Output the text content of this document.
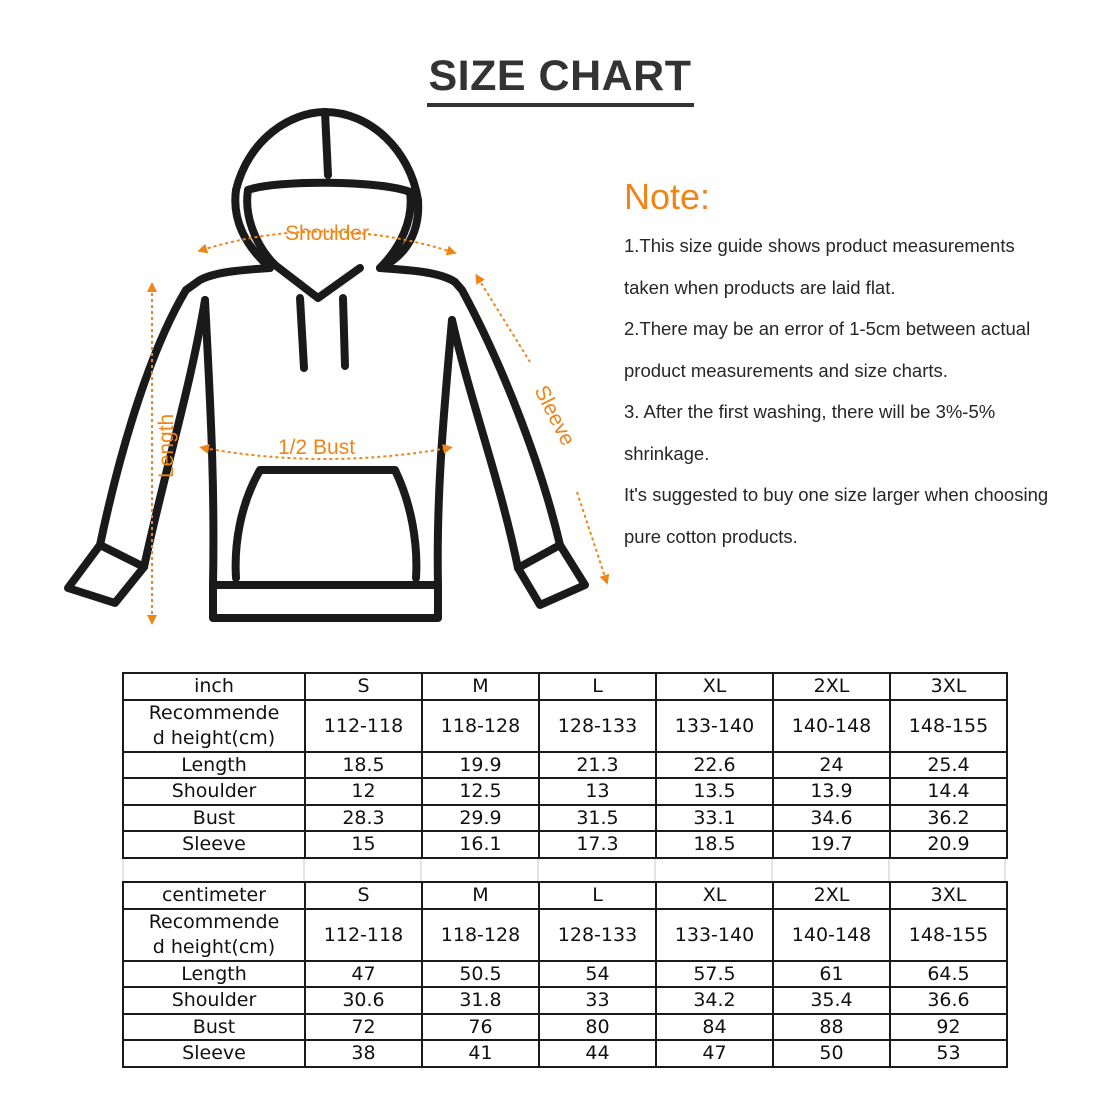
SIZE CHART
Shoulder
1/2 Bust
Length	Sleeve
Note:
1.This size guide shows product measurements
taken when products are laid flat.
2.There may be an error of 1-5cm between actual
product measurements and size charts.
3. After the first washing, there will be 3%-5%
shrinkage.
It's suggested to buy one size larger when choosing
pure cotton products.
inch	S	M	L	XL	2XL	3XL

Recommende
d height(cm)	112-118	118-128	128-133	133-140	140-148	148-155
Length	18.5	19.9	21.3	22.6	24	25.4
Shoulder	12	12.5	13	13.5	13.9	14.4
Bust	28.3	29.9	31.5	33.1	34.6	36.2
Sleeve	15	16.1	17.3	18.5	19.7	20.9
centimeter	S	M	L	XL	2XL	3XL

Recommende
d height(cm)	112-118	118-128	128-133	133-140	140-148	148-155
Length	47	50.5	54	57.5	61	64.5
Shoulder	30.6	31.8	33	34.2	35.4	36.6
Bust	72	76	80	84	88	92
Sleeve	38	41	44	47	50	53
